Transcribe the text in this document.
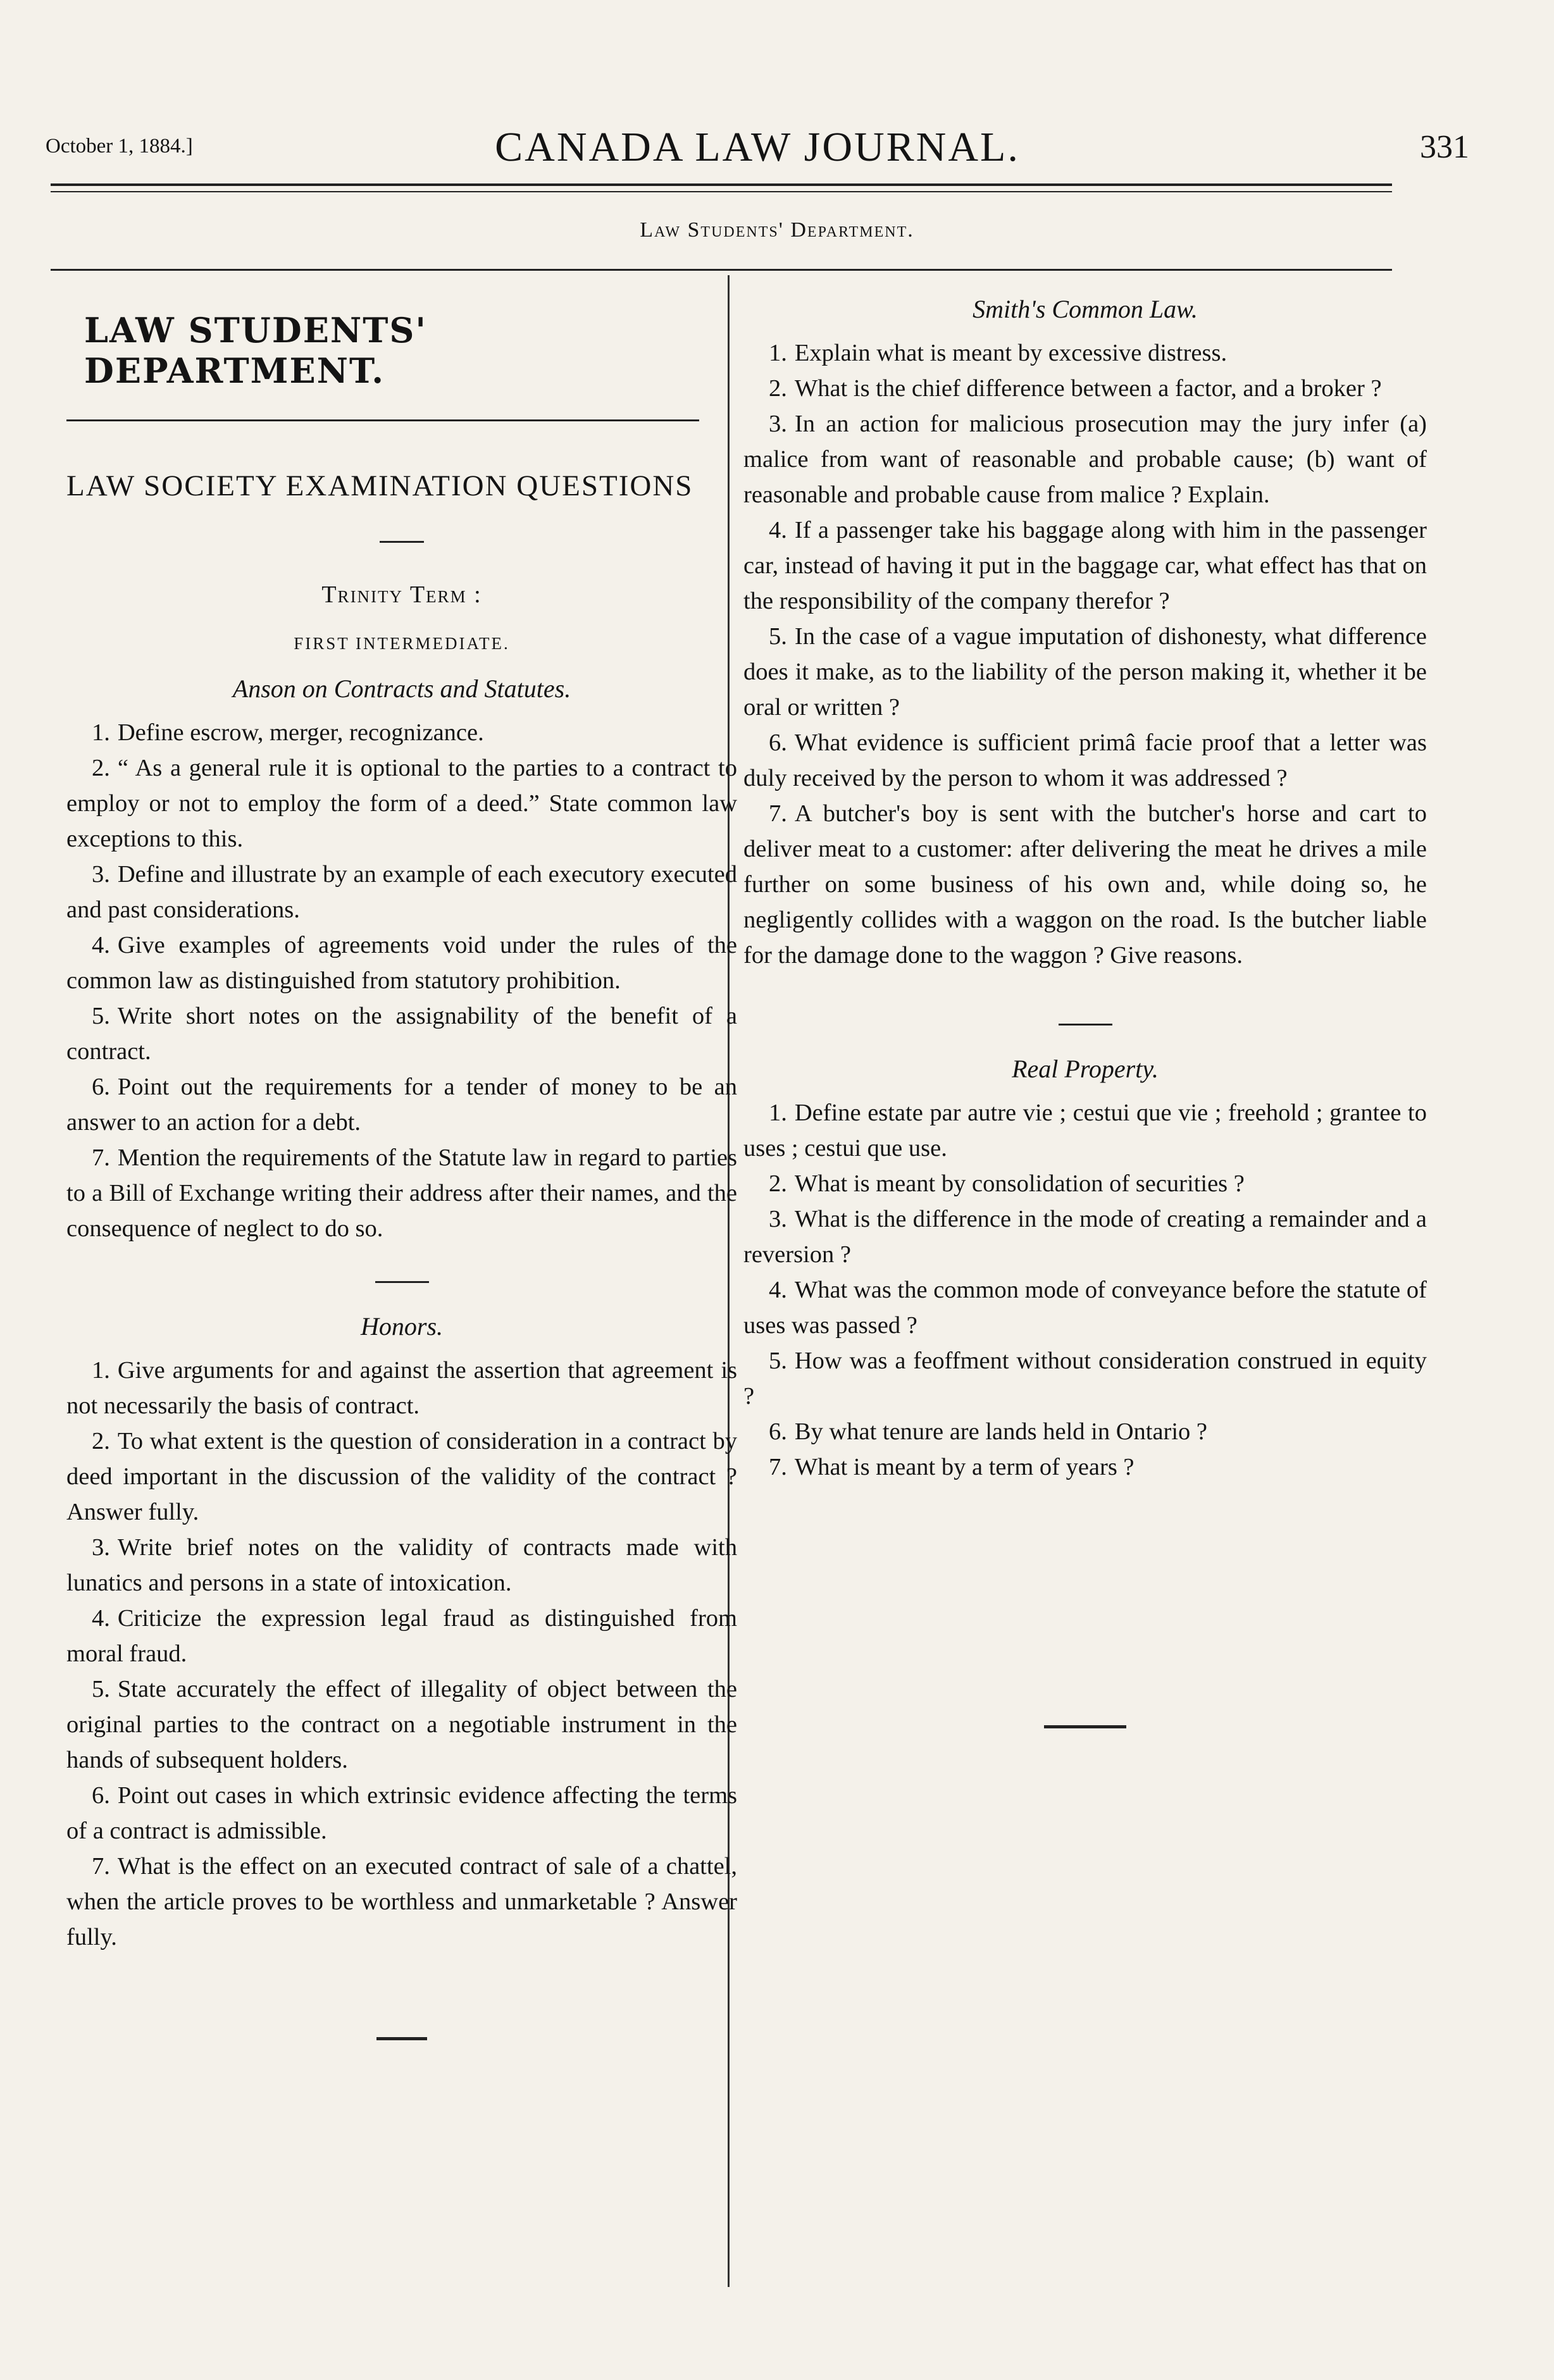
October 1, 1884.]	CANADA LAW JOURNAL.	331
Law Students' Department.
LAW STUDENTS' DEPARTMENT.
LAW SOCIETY EXAMINATION QUESTIONS
Trinity Term :
FIRST INTERMEDIATE.
Anson on Contracts and Statutes.
1. Define escrow, merger, recognizance.
2. “ As a general rule it is optional to the parties to a contract to employ or not to employ the form of a deed.” State common law exceptions to this.
3. Define and illustrate by an example of each executory executed and past considerations.
4. Give examples of agreements void under the rules of the common law as distinguished from statutory prohibition.
5. Write short notes on the assignability of the benefit of a contract.
6. Point out the requirements for a tender of money to be an answer to an action for a debt.
7. Mention the requirements of the Statute law in regard to parties to a Bill of Exchange writing their address after their names, and the consequence of neglect to do so.
Honors.
1. Give arguments for and against the assertion that agreement is not necessarily the basis of contract.
2. To what extent is the question of consideration in a contract by deed important in the discussion of the validity of the contract ? Answer fully.
3. Write brief notes on the validity of contracts made with lunatics and persons in a state of intoxication.
4. Criticize the expression legal fraud as distinguished from moral fraud.
5. State accurately the effect of illegality of object between the original parties to the contract on a negotiable instrument in the hands of subsequent holders.
6. Point out cases in which extrinsic evidence affecting the terms of a contract is admissible.
7. What is the effect on an executed contract of sale of a chattel, when the article proves to be worthless and unmarketable ? Answer fully.
Smith's Common Law.
1. Explain what is meant by excessive distress.
2. What is the chief difference between a factor, and a broker ?
3. In an action for malicious prosecution may the jury infer (a) malice from want of reasonable and probable cause; (b) want of reasonable and probable cause from malice ? Explain.
4. If a passenger take his baggage along with him in the passenger car, instead of having it put in the baggage car, what effect has that on the responsibility of the company therefor ?
5. In the case of a vague imputation of dishonesty, what difference does it make, as to the liability of the person making it, whether it be oral or written ?
6. What evidence is sufficient primâ facie proof that a letter was duly received by the person to whom it was addressed ?
7. A butcher's boy is sent with the butcher's horse and cart to deliver meat to a customer: after delivering the meat he drives a mile further on some business of his own and, while doing so, he negligently collides with a waggon on the road. Is the butcher liable for the damage done to the waggon ? Give reasons.
Real Property.
1. Define estate par autre vie ; cestui que vie ; freehold ; grantee to uses ; cestui que use.
2. What is meant by consolidation of securities ?
3. What is the difference in the mode of creating a remainder and a reversion ?
4. What was the common mode of conveyance before the statute of uses was passed ?
5. How was a feoffment without consideration construed in equity ?
6. By what tenure are lands held in Ontario ?
7. What is meant by a term of years ?
